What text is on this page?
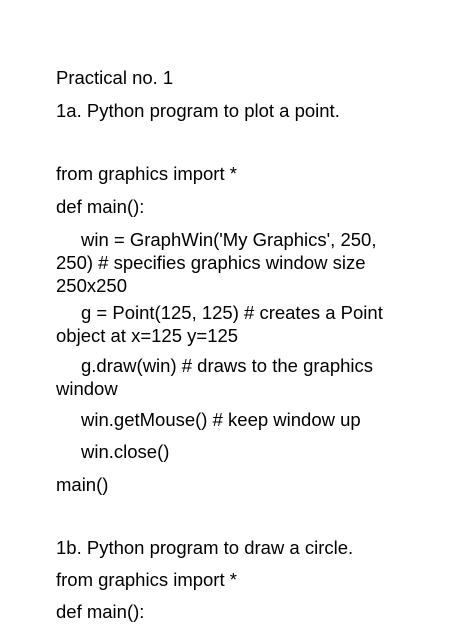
Practical no. 1
1a. Python program to plot a point.
from graphics import *
def main():
win = GraphWin('My Graphics', 250, 250) # specifies graphics window size 250x250
g = Point(125, 125) # creates a Point object at x=125 y=125
g.draw(win) # draws to the graphics window
win.getMouse() # keep window up
win.close()
main()
1b. Python program to draw a circle.
from graphics import *
def main():
